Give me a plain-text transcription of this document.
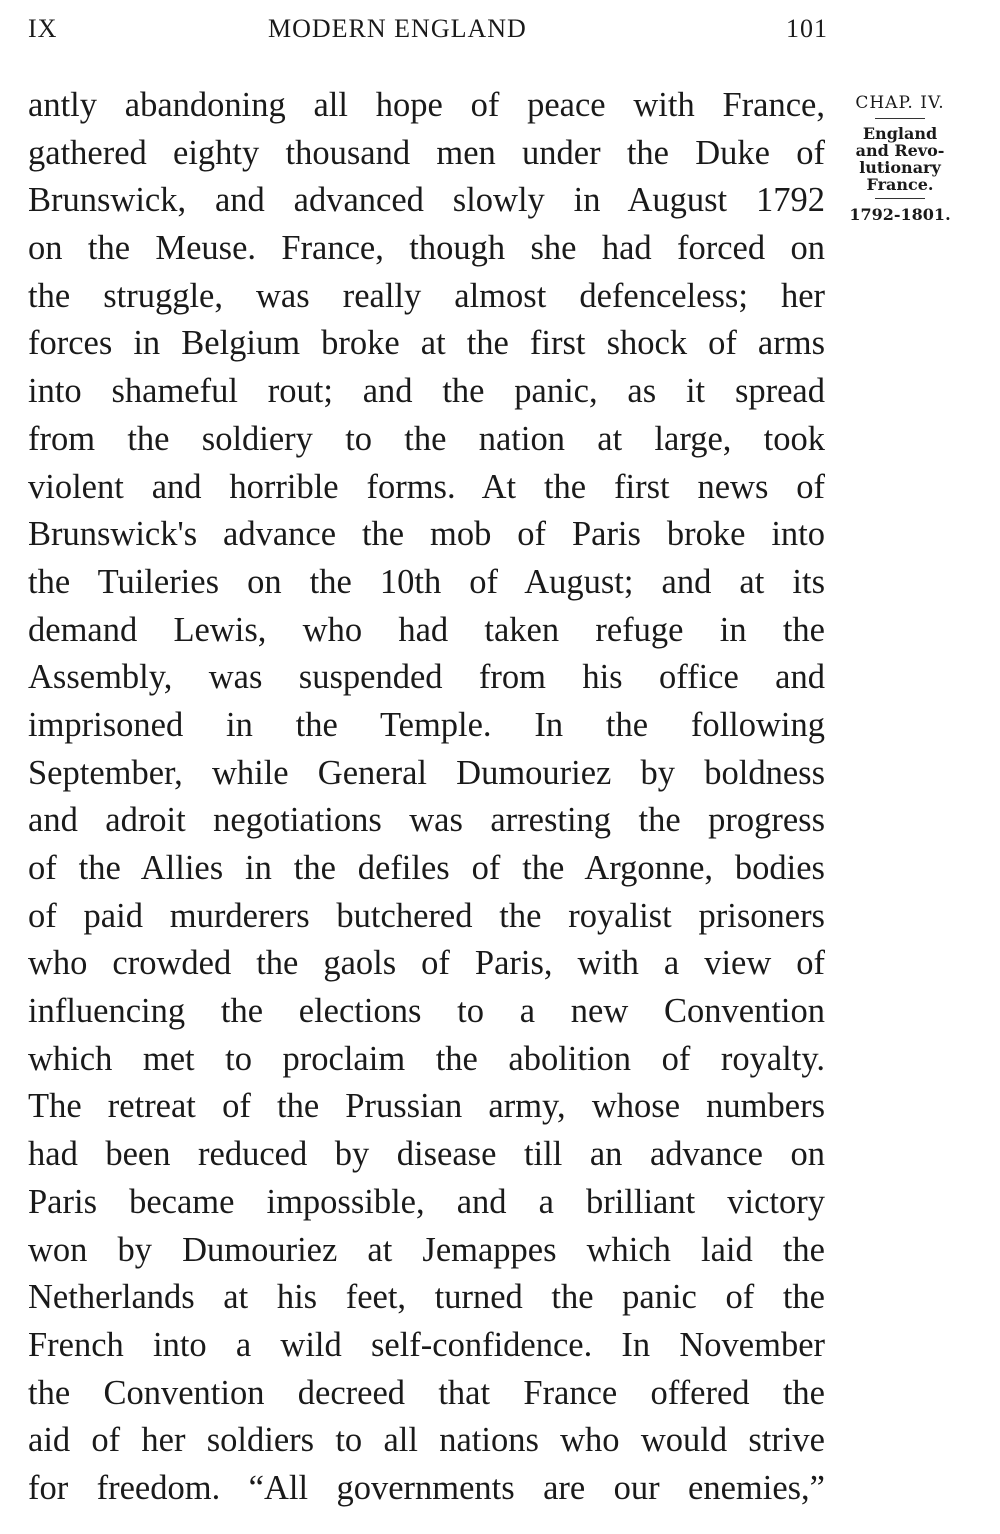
IX	MODERN ENGLAND	101
antly abandoning all hope of peace with France,
gathered eighty thousand men under the Duke of
Brunswick, and advanced slowly in August 1792
on the Meuse. France, though she had forced on
the struggle, was really almost defenceless; her
forces in Belgium broke at the first shock of arms
into shameful rout; and the panic, as it spread
from the soldiery to the nation at large, took
violent and horrible forms. At the first news of
Brunswick's advance the mob of Paris broke into
the Tuileries on the 10th of August; and at its
demand Lewis, who had taken refuge in the
Assembly, was suspended from his office and
imprisoned in the Temple. In the following
September, while General Dumouriez by boldness
and adroit negotiations was arresting the progress
of the Allies in the defiles of the Argonne, bodies
of paid murderers butchered the royalist prisoners
who crowded the gaols of Paris, with a view of
influencing the elections to a new Convention
which met to proclaim the abolition of royalty.
The retreat of the Prussian army, whose numbers
had been reduced by disease till an advance on
Paris became impossible, and a brilliant victory
won by Dumouriez at Jemappes which laid the
Netherlands at his feet, turned the panic of the
French into a wild self-confidence. In November
the Convention decreed that France offered the
aid of her soldiers to all nations who would strive
for freedom. “All governments are our enemies,”
CHAP. IV.
England
and Revo-
lutionary
France.
1792-1801.
